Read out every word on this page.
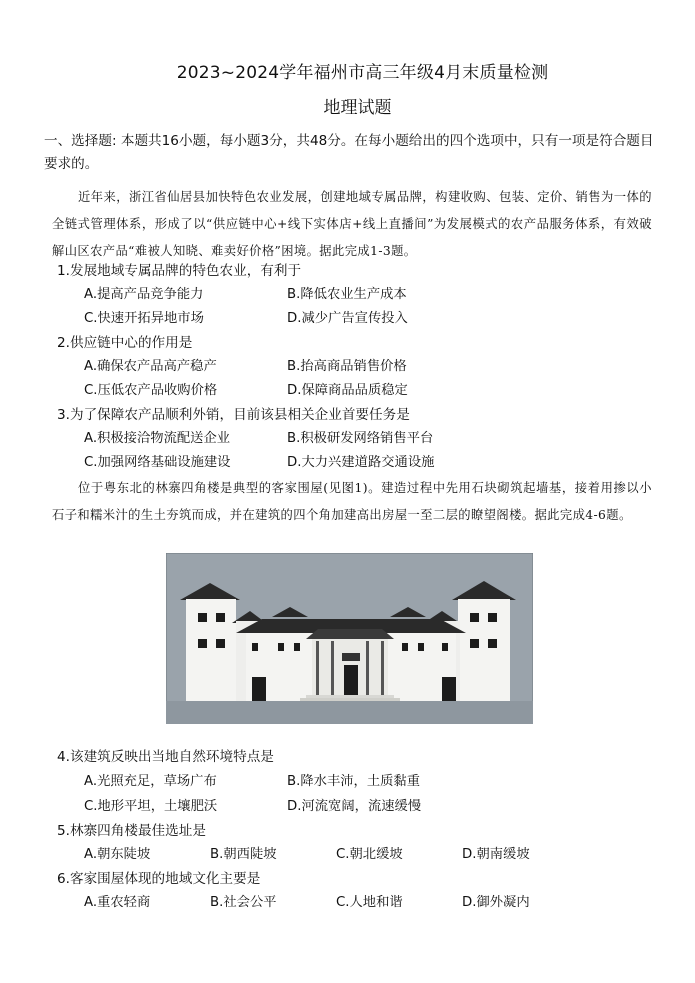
2023~2024学年福州市高三年级4月末质量检测
地理试题
一、选择题: 本题共16小题，每小题3分，共48分。在每小题给出的四个选项中，只有一项是符合题目要求的。
近年来，浙江省仙居县加快特色农业发展，创建地域专属品牌，构建收购、包装、定价、销售为一体的全链式管理体系，形成了以“供应链中心+线下实体店+线上直播间”为发展模式的农产品服务体系，有效破解山区农产品“难被人知晓、难卖好价格”困境。据此完成1-3题。
1.发展地域专属品牌的特色农业，有利于
A.提高产品竞争能力	B.降低农业生产成本
C.快速开拓异地市场	D.减少广告宣传投入
2.供应链中心的作用是
A.确保农产品高产稳产	B.抬高商品销售价格
C.压低农产品收购价格	D.保障商品品质稳定
3.为了保障农产品顺利外销，目前该县相关企业首要任务是
A.积极接洽物流配送企业	B.积极研发网络销售平台
C.加强网络基础设施建设	D.大力兴建道路交通设施
位于粤东北的林寨四角楼是典型的客家围屋(见图1)。建造过程中先用石块砌筑起墙基，接着用掺以小石子和糯米汁的生土夯筑而成，并在建筑的四个角加建高出房屋一至二层的瞭望阁楼。据此完成4-6题。
4.该建筑反映出当地自然环境特点是
A.光照充足，草场广布	B.降水丰沛，土质黏重
C.地形平坦，土壤肥沃	D.河流宽阔，流速缓慢
5.林寨四角楼最佳选址是
A.朝东陡坡	B.朝西陡坡	C.朝北缓坡	D.朝南缓坡
6.客家围屋体现的地域文化主要是
A.重农轻商	B.社会公平	C.人地和谐	D.御外凝内
